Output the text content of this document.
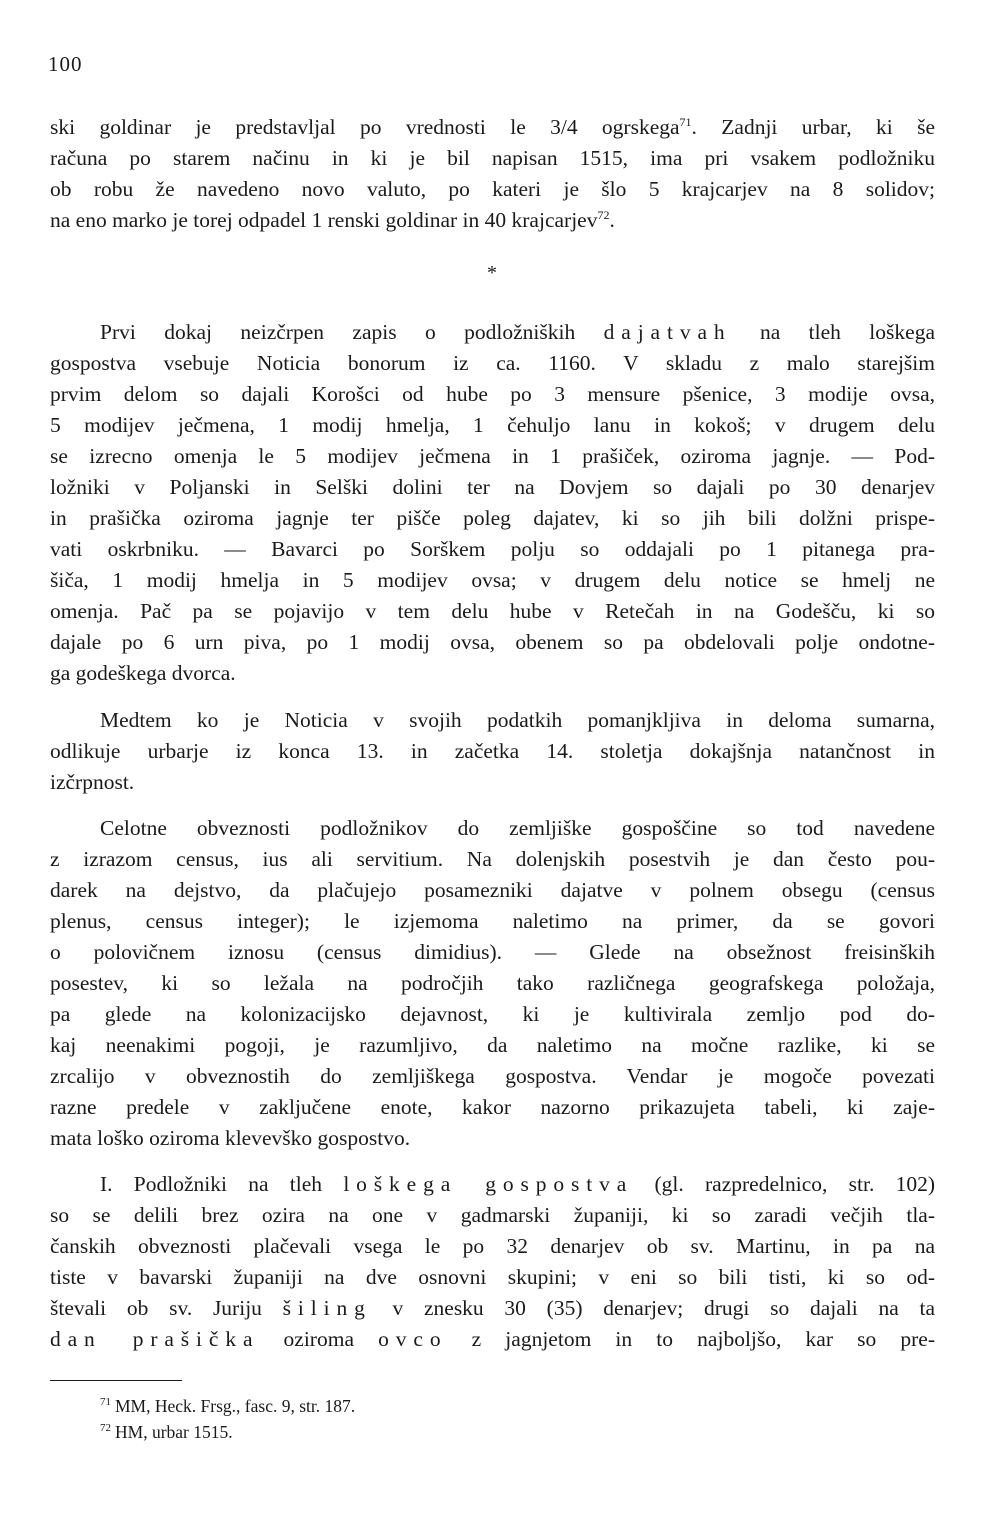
100
ski goldinar je predstavljal po vrednosti le 3/4 ogrskega$^{71}$. Zadnji urbar, ki še
računa po starem načinu in ki je bil napisan 1515, ima pri vsakem podložniku
ob robu že navedeno novo valuto, po kateri je šlo 5 krajcarjev na 8 solidov;
na eno marko je torej odpadel 1 renski goldinar in 40 krajcarjev$^{72}$.
*
Prvi dokaj neizčrpen zapis o podložniških dajatvah na tleh loškega
gospostva vsebuje Noticia bonorum iz ca. 1160. V skladu z malo starejšim
prvim delom so dajali Korošci od hube po 3 mensure pšenice, 3 modije ovsa,
5 modijev ječmena, 1 modij hmelja, 1 čehuljo lanu in kokoš; v drugem delu
se izrecno omenja le 5 modijev ječmena in 1 prašiček, oziroma jagnje. — Pod-
ložniki v Poljanski in Selški dolini ter na Dovjem so dajali po 30 denarjev
in prašička oziroma jagnje ter pišče poleg dajatev, ki so jih bili dolžni prispe-
vati oskrbniku. — Bavarci po Sorškem polju so oddajali po 1 pitanega pra-
šiča, 1 modij hmelja in 5 modijev ovsa; v drugem delu notice se hmelj ne
omenja. Pač pa se pojavijo v tem delu hube v Retečah in na Godešču, ki so
dajale po 6 urn piva, po 1 modij ovsa, obenem so pa obdelovali polje ondotne-
ga godeškega dvorca.
Medtem ko je Noticia v svojih podatkih pomanjkljiva in deloma sumarna,
odlikuje urbarje iz konca 13. in začetka 14. stoletja dokajšnja natančnost in
izčrpnost.
Celotne obveznosti podložnikov do zemljiške gospoščine so tod navedene
z izrazom census, ius ali servitium. Na dolenjskih posestvih je dan često pou-
darek na dejstvo, da plačujejo posamezniki dajatve v polnem obsegu (census
plenus, census integer); le izjemoma naletimo na primer, da se govori
o polovičnem iznosu (census dimidius). — Glede na obsežnost freisinških
posestev, ki so ležala na področjih tako različnega geografskega položaja,
pa glede na kolonizacijsko dejavnost, ki je kultivirala zemljo pod do-
kaj neenakimi pogoji, je razumljivo, da naletimo na močne razlike, ki se
zrcalijo v obveznostih do zemljiškega gospostva. Vendar je mogoče povezati
razne predele v zaključene enote, kakor nazorno prikazujeta tabeli, ki zaje-
mata loško oziroma klevevško gospostvo.
I. Podložniki na tleh loškega gospostva (gl. razpredelnico, str. 102)
so se delili brez ozira na one v gadmarski županiji, ki so zaradi večjih tla-
čanskih obveznosti plačevali vsega le po 32 denarjev ob sv. Martinu, in pa na
tiste v bavarski županiji na dve osnovni skupini; v eni so bili tisti, ki so od-
števali ob sv. Juriju šiling v znesku 30 (35) denarjev; drugi so dajali na ta
dan prašička oziroma ovco z jagnjetom in to najboljšo, kar so pre-
$^{71}$ MM, Heck. Frsg., fasc. 9, str. 187.
$^{72}$ HM, urbar 1515.
